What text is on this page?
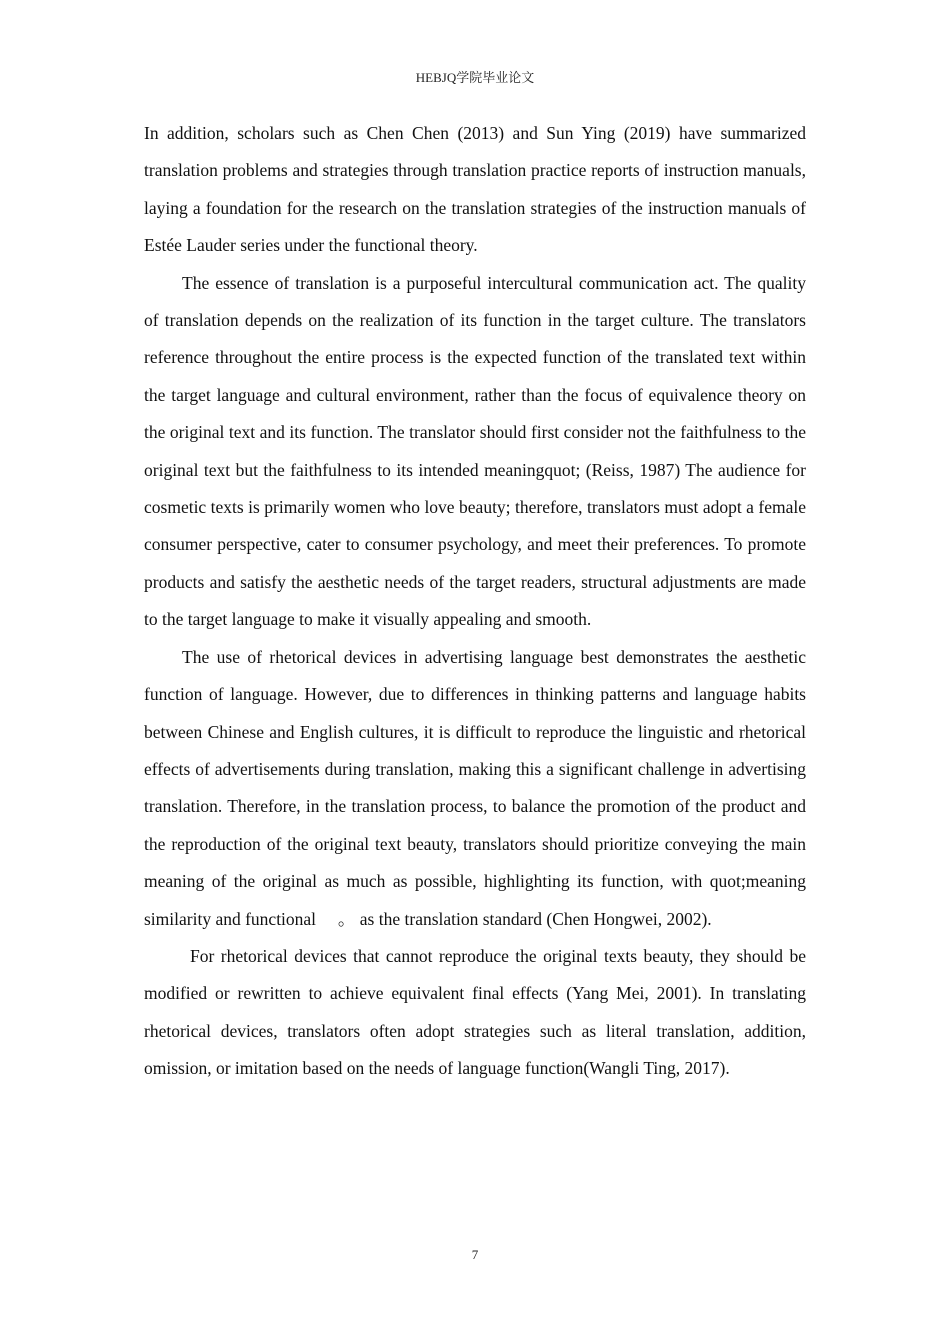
HEBJQ学院毕业论文

In addition, scholars such as Chen Chen (2013) and Sun Ying (2019) have summarized translation problems and strategies through translation practice reports of instruction manuals, laying a foundation for the research on the translation strategies of the instruction manuals of Estée Lauder series under the functional theory.

The essence of translation is a purposeful intercultural communication act. The quality of translation depends on the realization of its function in the target culture. The translators reference throughout the entire process is the expected function of the translated text within the target language and cultural environment, rather than the focus of equivalence theory on the original text and its function. The translator should first consider not the faithfulness to the original text but the faithfulness to its intended meaningquot; (Reiss, 1987) The audience for cosmetic texts is primarily women who love beauty; therefore, translators must adopt a female consumer perspective, cater to consumer psychology, and meet their preferences. To promote products and satisfy the aesthetic needs of the target readers, structural adjustments are made to the target language to make it visually appealing and smooth.

The use of rhetorical devices in advertising language best demonstrates the aesthetic function of language. However, due to differences in thinking patterns and language habits between Chinese and English cultures, it is difficult to reproduce the linguistic and rhetorical effects of advertisements during translation, making this a significant challenge in advertising translation. Therefore, in the translation process, to balance the promotion of the product and the reproduction of the original text beauty, translators should prioritize conveying the main meaning of the original as much as possible, highlighting its function, with quot;meaning similarity and functional 　。 as the translation standard (Chen Hongwei, 2002).

For rhetorical devices that cannot reproduce the original texts beauty, they should be modified or rewritten to achieve equivalent final effects (Yang Mei, 2001). In translating rhetorical devices, translators often adopt strategies such as literal translation, addition, omission, or imitation based on the needs of language function(Wangli Ting, 2017).

7
